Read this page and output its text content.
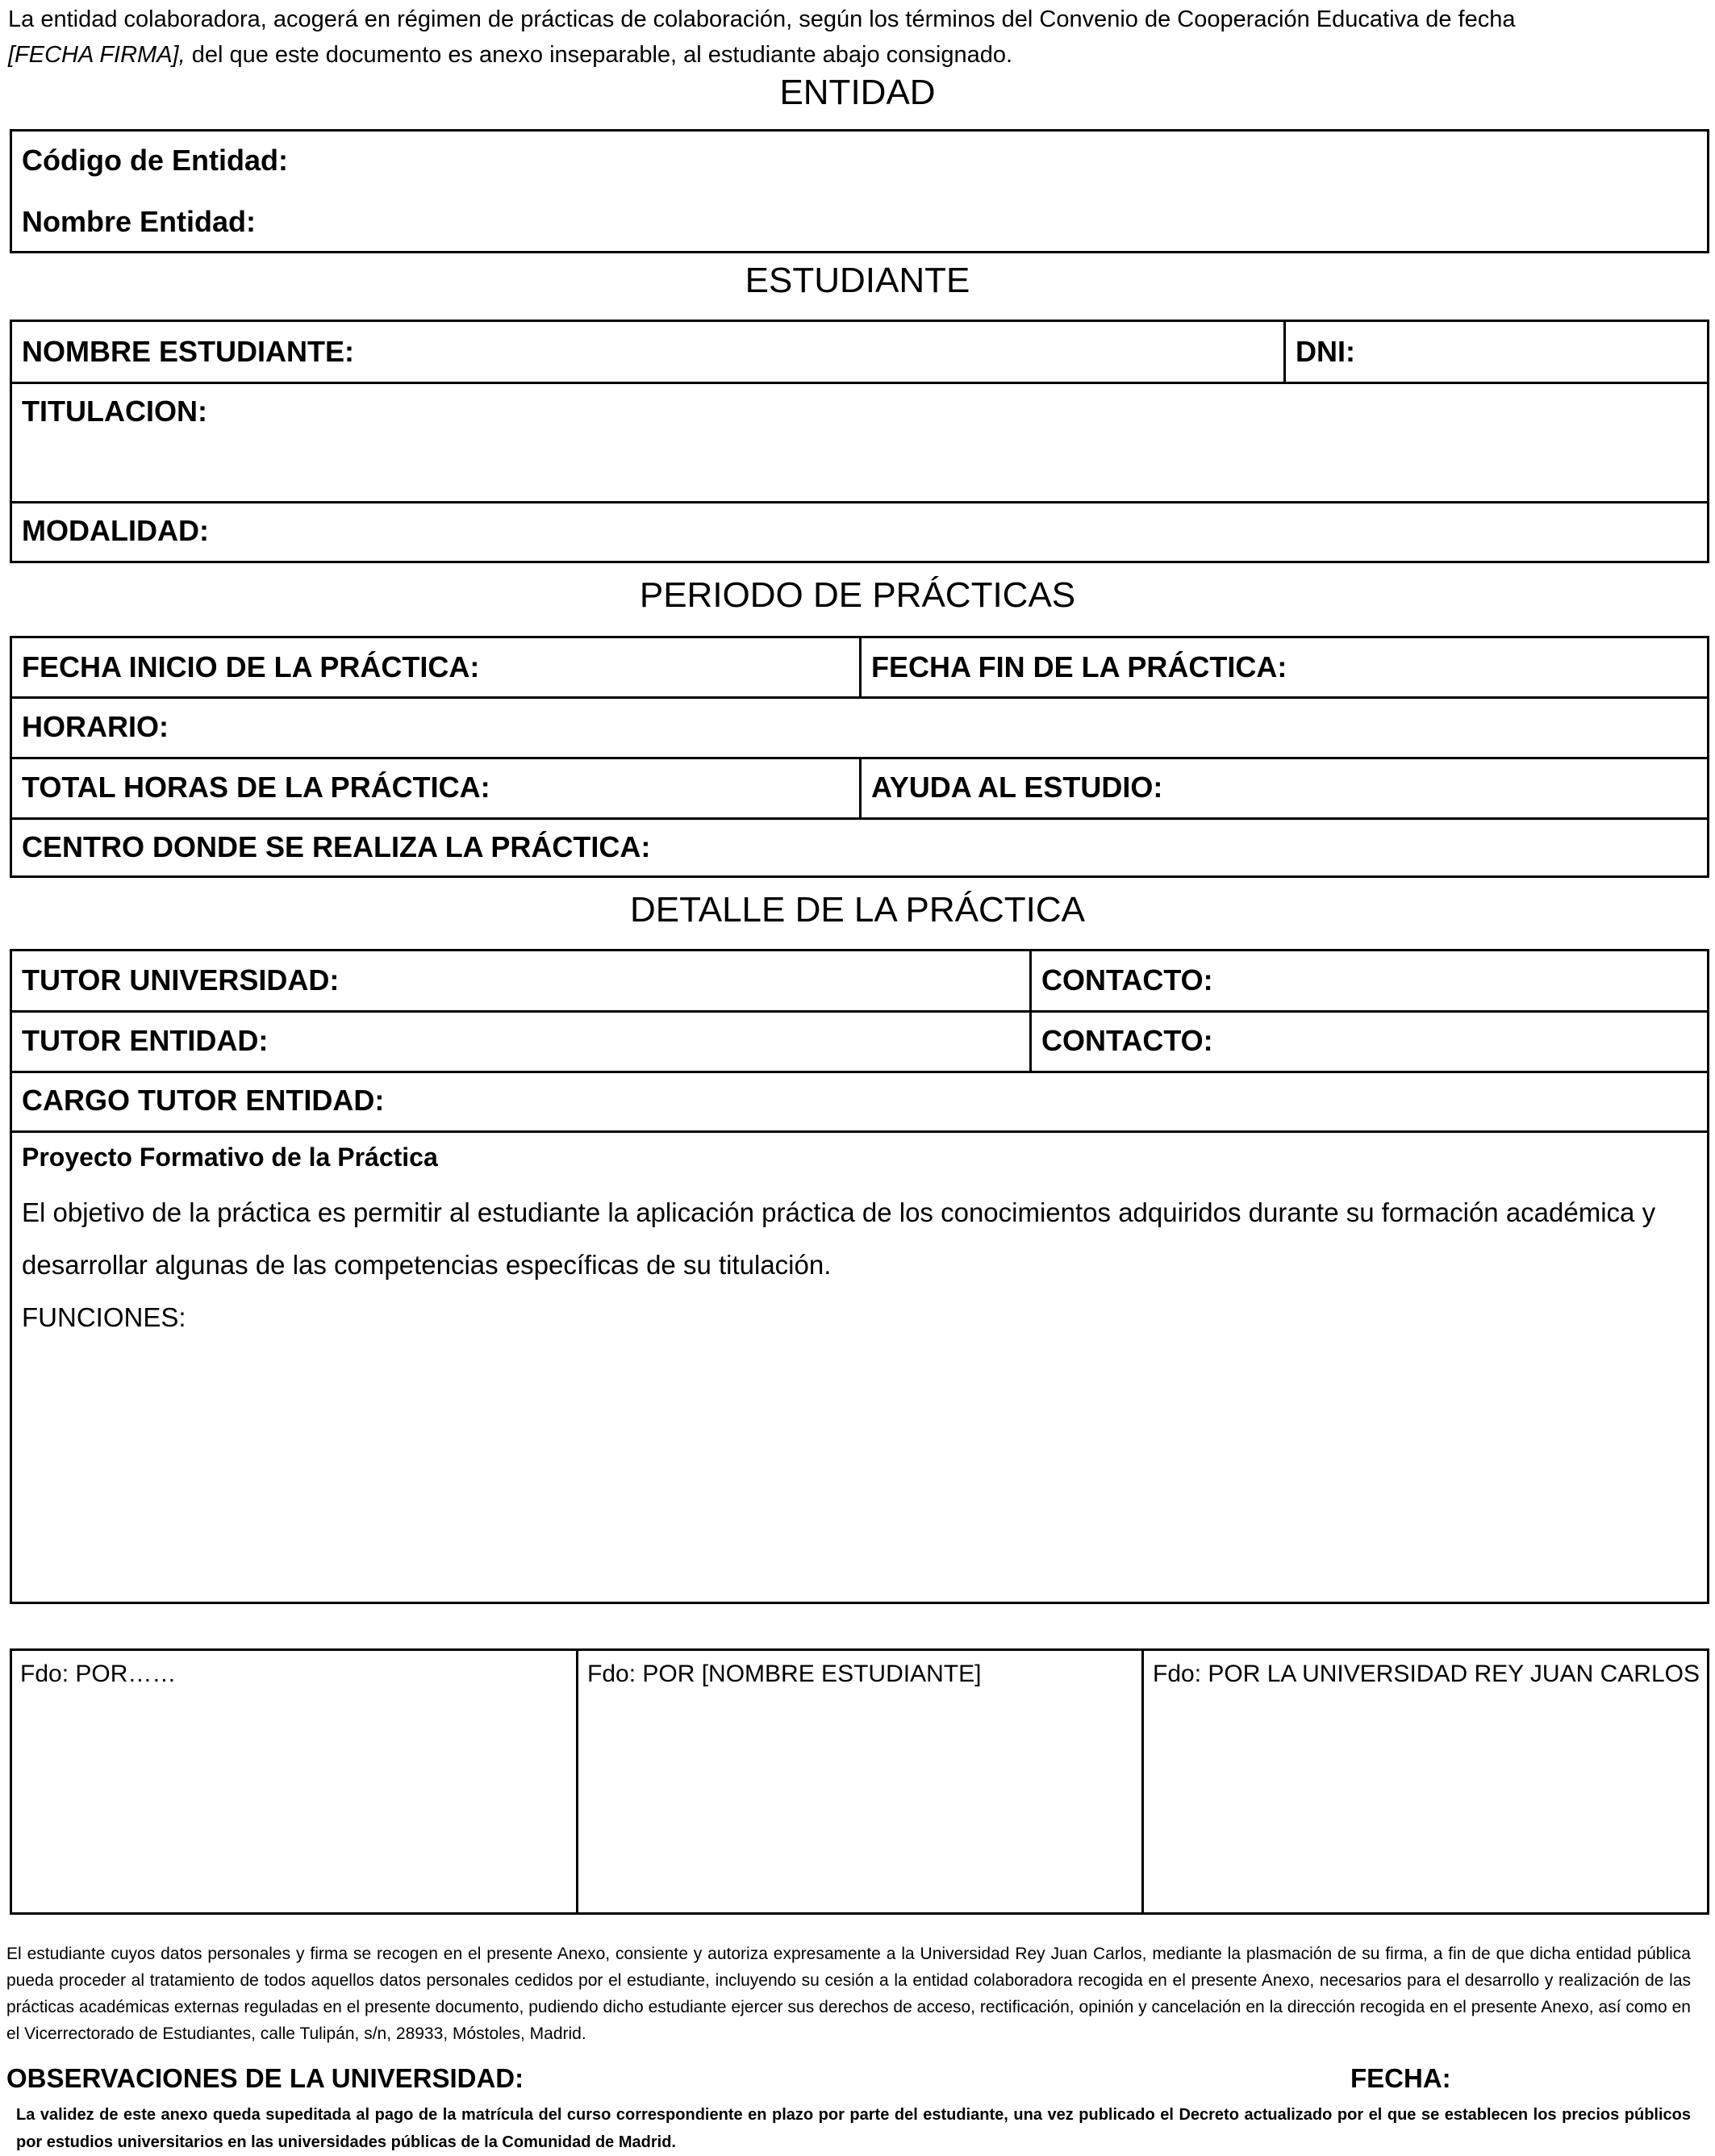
La entidad colaboradora, acogerá en régimen de prácticas de colaboración, según los términos del Convenio de Cooperación Educativa de fecha [FECHA FIRMA], del que este documento es anexo inseparable, al estudiante abajo consignado.
ENTIDAD
Código de Entidad:
Nombre Entidad:
ESTUDIANTE
NOMBRE ESTUDIANTE:	DNI:
TITULACION:
MODALIDAD:
PERIODO DE PRÁCTICAS
FECHA INICIO DE LA PRÁCTICA:	FECHA FIN DE LA PRÁCTICA:
HORARIO:
TOTAL HORAS DE LA PRÁCTICA:	AYUDA AL ESTUDIO:
CENTRO DONDE SE REALIZA LA PRÁCTICA:
DETALLE DE LA PRÁCTICA
TUTOR UNIVERSIDAD:	CONTACTO:
TUTOR ENTIDAD:	CONTACTO:
CARGO TUTOR ENTIDAD:
Proyecto Formativo de la Práctica
El objetivo de la práctica es permitir al estudiante la aplicación práctica de los conocimientos adquiridos durante su formación académica y
desarrollar algunas de las competencias específicas de su titulación.
FUNCIONES:
Fdo: POR……	Fdo: POR [NOMBRE ESTUDIANTE]	Fdo: POR LA UNIVERSIDAD REY JUAN CARLOS
El estudiante cuyos datos personales y firma se recogen en el presente Anexo, consiente y autoriza expresamente a la Universidad Rey Juan Carlos, mediante la plasmación de su firma, a fin de que dicha entidad pública pueda proceder al tratamiento de todos aquellos datos personales cedidos por el estudiante, incluyendo su cesión a la entidad colaboradora recogida en el presente Anexo, necesarios para el desarrollo y realización de las prácticas académicas externas reguladas en el presente documento, pudiendo dicho estudiante ejercer sus derechos de acceso, rectificación, opinión y cancelación en la dirección recogida en el presente Anexo, así como en el Vicerrectorado de Estudiantes, calle Tulipán, s/n, 28933, Móstoles, Madrid.
OBSERVACIONES DE LA UNIVERSIDAD:	FECHA:
La validez de este anexo queda supeditada al pago de la matrícula del curso correspondiente en plazo por parte del estudiante, una vez publicado el Decreto actualizado por el que se establecen los precios públicos por estudios universitarios en las universidades públicas de la Comunidad de Madrid.
